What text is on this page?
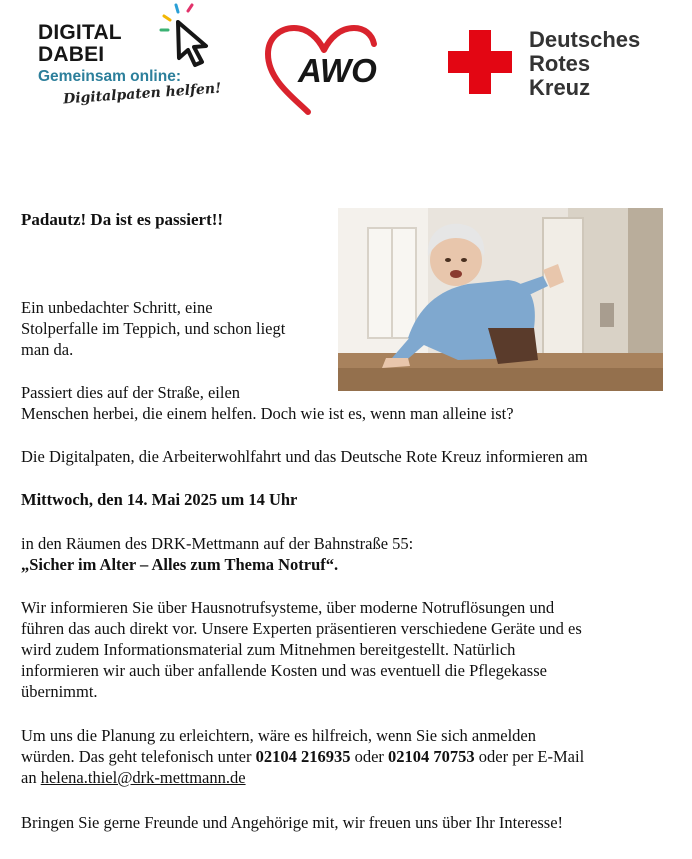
DIGITAL
DABEI
Gemeinsam online:
Digitalpaten helfen!
AWO
Deutsches
Rotes
Kreuz
Padautz! Da ist es passiert!!
Ein unbedachter Schritt, eine
Stolperfalle im Teppich, und schon liegt
man da.
Passiert dies auf der Straße, eilen
Menschen herbei, die einem helfen. Doch wie ist es, wenn man alleine ist?
Die Digitalpaten, die Arbeiterwohlfahrt und das Deutsche Rote Kreuz informieren am
Mittwoch, den 14. Mai 2025 um 14 Uhr
in den Räumen des DRK-Mettmann auf der Bahnstraße 55:
„Sicher im Alter – Alles zum Thema Notruf“.
Wir informieren Sie über Hausnotrufsysteme, über moderne Notruflösungen und
führen das auch direkt vor. Unsere Experten präsentieren verschiedene Geräte und es
wird zudem Informationsmaterial zum Mitnehmen bereitgestellt. Natürlich
informieren wir auch über anfallende Kosten und was eventuell die Pflegekasse
übernimmt.
Um uns die Planung zu erleichtern, wäre es hilfreich, wenn Sie sich anmelden
würden. Das geht telefonisch unter 02104 216935 oder 02104 70753 oder per E-Mail
an helena.thiel@drk-mettmann.de
Bringen Sie gerne Freunde und Angehörige mit, wir freuen uns über Ihr Interesse!
